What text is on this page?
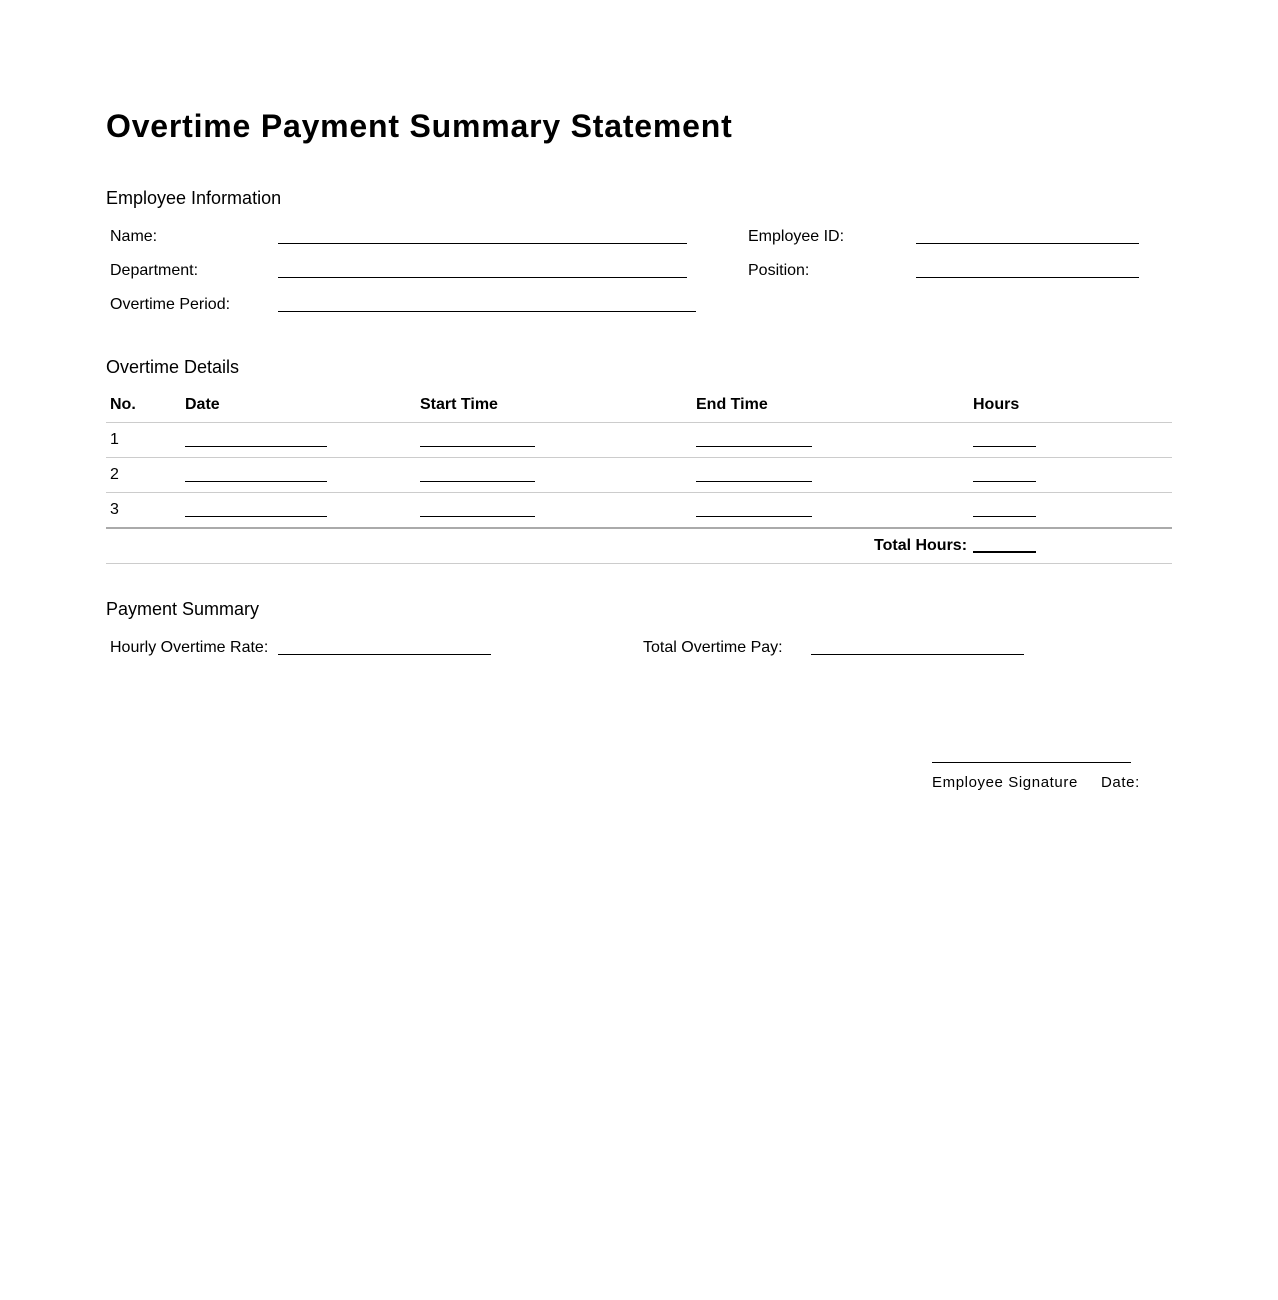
Overtime Payment Summary Statement
Employee Information
Name:
Department:
Overtime Period:
Employee ID:
Position:
Overtime Details
No.	Date	Start Time	End Time	Hours
1
2
3
Total Hours:
Payment Summary
Hourly Overtime Rate:	Total Overtime Pay:
Employee Signature Date:
